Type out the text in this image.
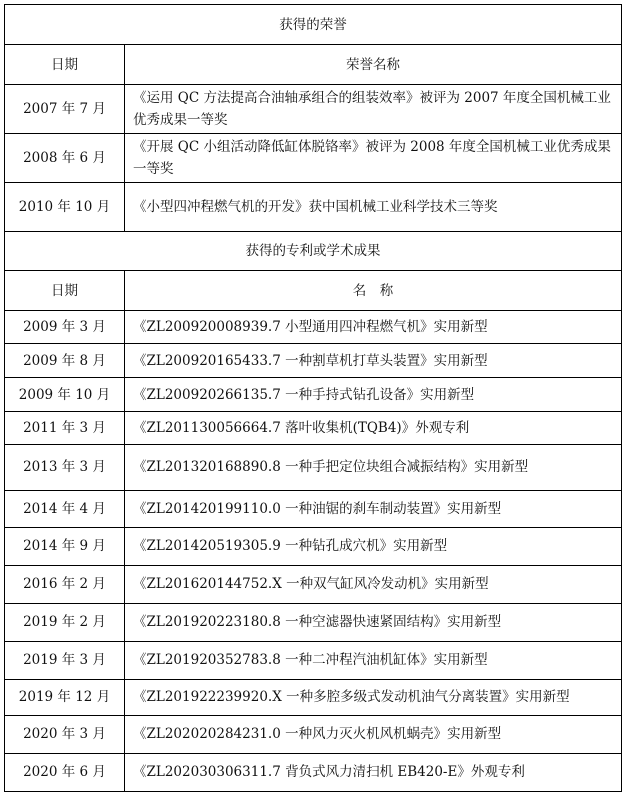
获得的荣誉	
日期	荣誉名称
2007 年 7 月	《运用 QC 方法提高合油轴承组合的组装效率》被评为 2007 年度全国机械工业优秀成果一等奖
2008 年 6 月	《开展 QC 小组活动降低缸体脱铬率》被评为 2008 年度全国机械工业优秀成果一等奖
2010 年 10 月	《小型四冲程燃气机的开发》获中国机械工业科学技术三等奖
获得的专利或学术成果	
日期	名　称
2009 年 3 月	《ZL200920008939.7 小型通用四冲程燃气机》实用新型
2009 年 8 月	《ZL200920165433.7 一种割草机打草头装置》实用新型
2009 年 10 月	《ZL200920266135.7 一种手持式钻孔设备》实用新型
2011 年 3 月	《ZL201130056664.7 落叶收集机(TQB4)》外观专利
2013 年 3 月	《ZL201320168890.8 一种手把定位块组合减振结构》实用新型
2014 年 4 月	《ZL201420199110.0 一种油锯的刹车制动装置》实用新型
2014 年 9 月	《ZL201420519305.9 一种钻孔成穴机》实用新型
2016 年 2 月	《ZL201620144752.X 一种双气缸风冷发动机》实用新型
2019 年 2 月	《ZL201920223180.8 一种空滤器快速紧固结构》实用新型
2019 年 3 月	《ZL201920352783.8 一种二冲程汽油机缸体》实用新型
2019 年 12 月	《ZL201922239920.X 一种多腔多级式发动机油气分离装置》实用新型
2020 年 3 月	《ZL202020284231.0 一种风力灭火机风机蜗壳》实用新型
2020 年 6 月	《ZL202030306311.7 背负式风力清扫机 EB420-E》外观专利
